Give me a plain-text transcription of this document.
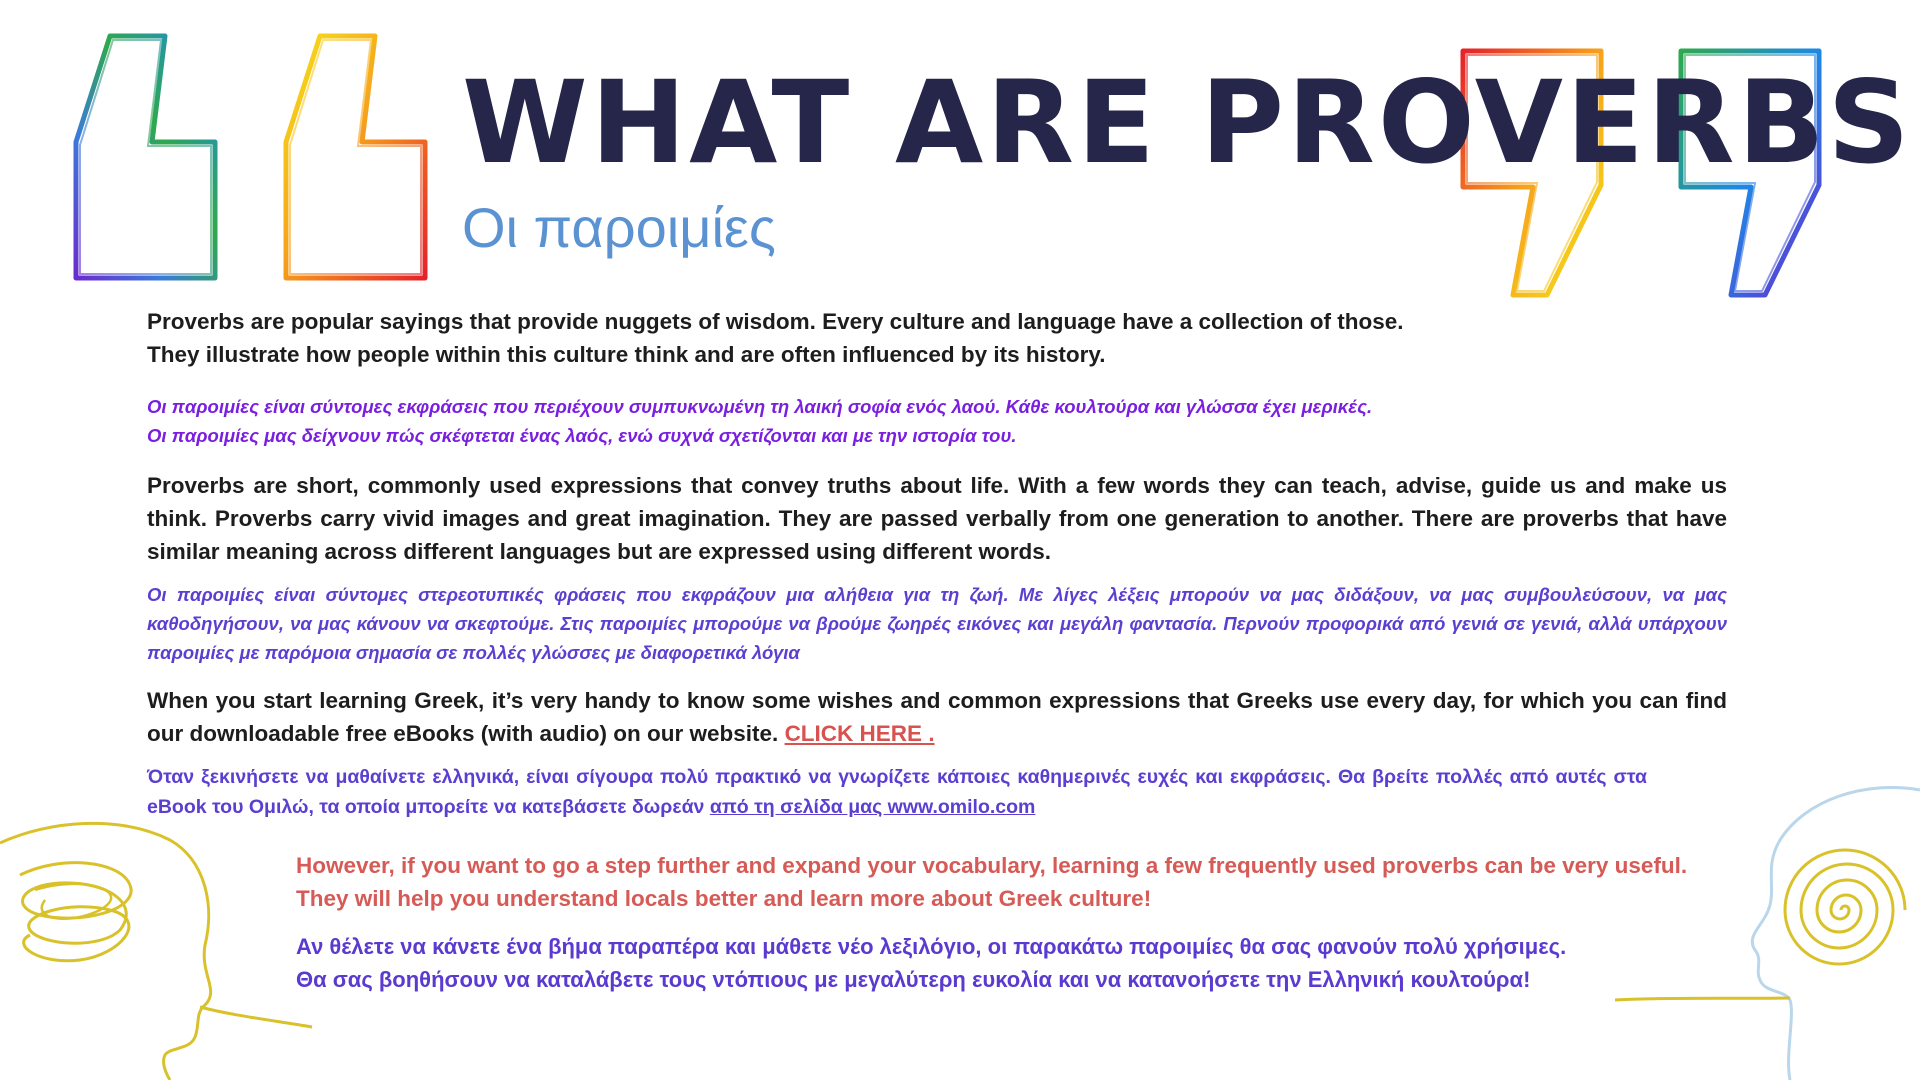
WHAT ARE PROVERBS
Οι παροιμίες
Proverbs are popular sayings that provide nuggets of wisdom. Every culture and language have a collection of those.
They illustrate how people within this culture think and are often influenced by its history.
Οι παροιμίες είναι σύντομες εκφράσεις που περιέχουν συμπυκνωμένη τη λαική σοφία ενός λαού. Κάθε κουλτούρα και γλώσσα έχει μερικές.
Οι παροιμίες μας δείχνουν πώς σκέφτεται ένας λαός, ενώ συχνά σχετίζονται και με την ιστορία του.

Proverbs are short, commonly used expressions that convey truths about life. With a few words they can teach, advise, guide us and make us think. Proverbs carry vivid images and great imagination. They are passed verbally from one generation to another. There are proverbs that have similar meaning across different languages but are expressed using different words.

Οι παροιμίες είναι σύντομες στερεοτυπικές φράσεις που εκφράζουν μια αλήθεια για τη ζωή. Με λίγες λέξεις μπορούν να μας διδάξουν, να μας συμβουλεύσουν, να μας καθοδηγήσουν, να μας κάνουν να σκεφτούμε. Στις παροιμίες μπορούμε να βρούμε ζωηρές εικόνες και μεγάλη φαντασία. Περνούν προφορικά από γενιά σε γενιά, αλλά υπάρχουν παροιμίες με παρόμοια σημασία σε πολλές γλώσσες με διαφορετικά λόγια

When you start learning Greek, it’s very handy to know some wishes and common expressions that Greeks use every day, for which you can find our downloadable free eBooks (with audio) on our website. CLICK HERE .

Όταν ξεκινήσετε να μαθαίνετε ελληνικά, είναι σίγουρα πολύ πρακτικό να γνωρίζετε κάποιες καθημερινές ευχές και εκφράσεις. Θα βρείτε πολλές από αυτές στα eBook του Ομιλώ, τα οποία μπορείτε να κατεβάσετε δωρεάν από τη σελίδα μας www.omilo.com

However, if you want to go a step further and expand your vocabulary, learning a few frequently used proverbs can be very useful.
They will help you understand locals better and learn more about Greek culture!
Αν θέλετε να κάνετε ένα βήμα παραπέρα και μάθετε νέο λεξιλόγιο, οι παρακάτω παροιμίες θα σας φανούν πολύ χρήσιμες.
Θα σας βοηθήσουν να καταλάβετε τους ντόπιους με μεγαλύτερη ευκολία και να κατανοήσετε την Ελληνική κουλτούρα!
